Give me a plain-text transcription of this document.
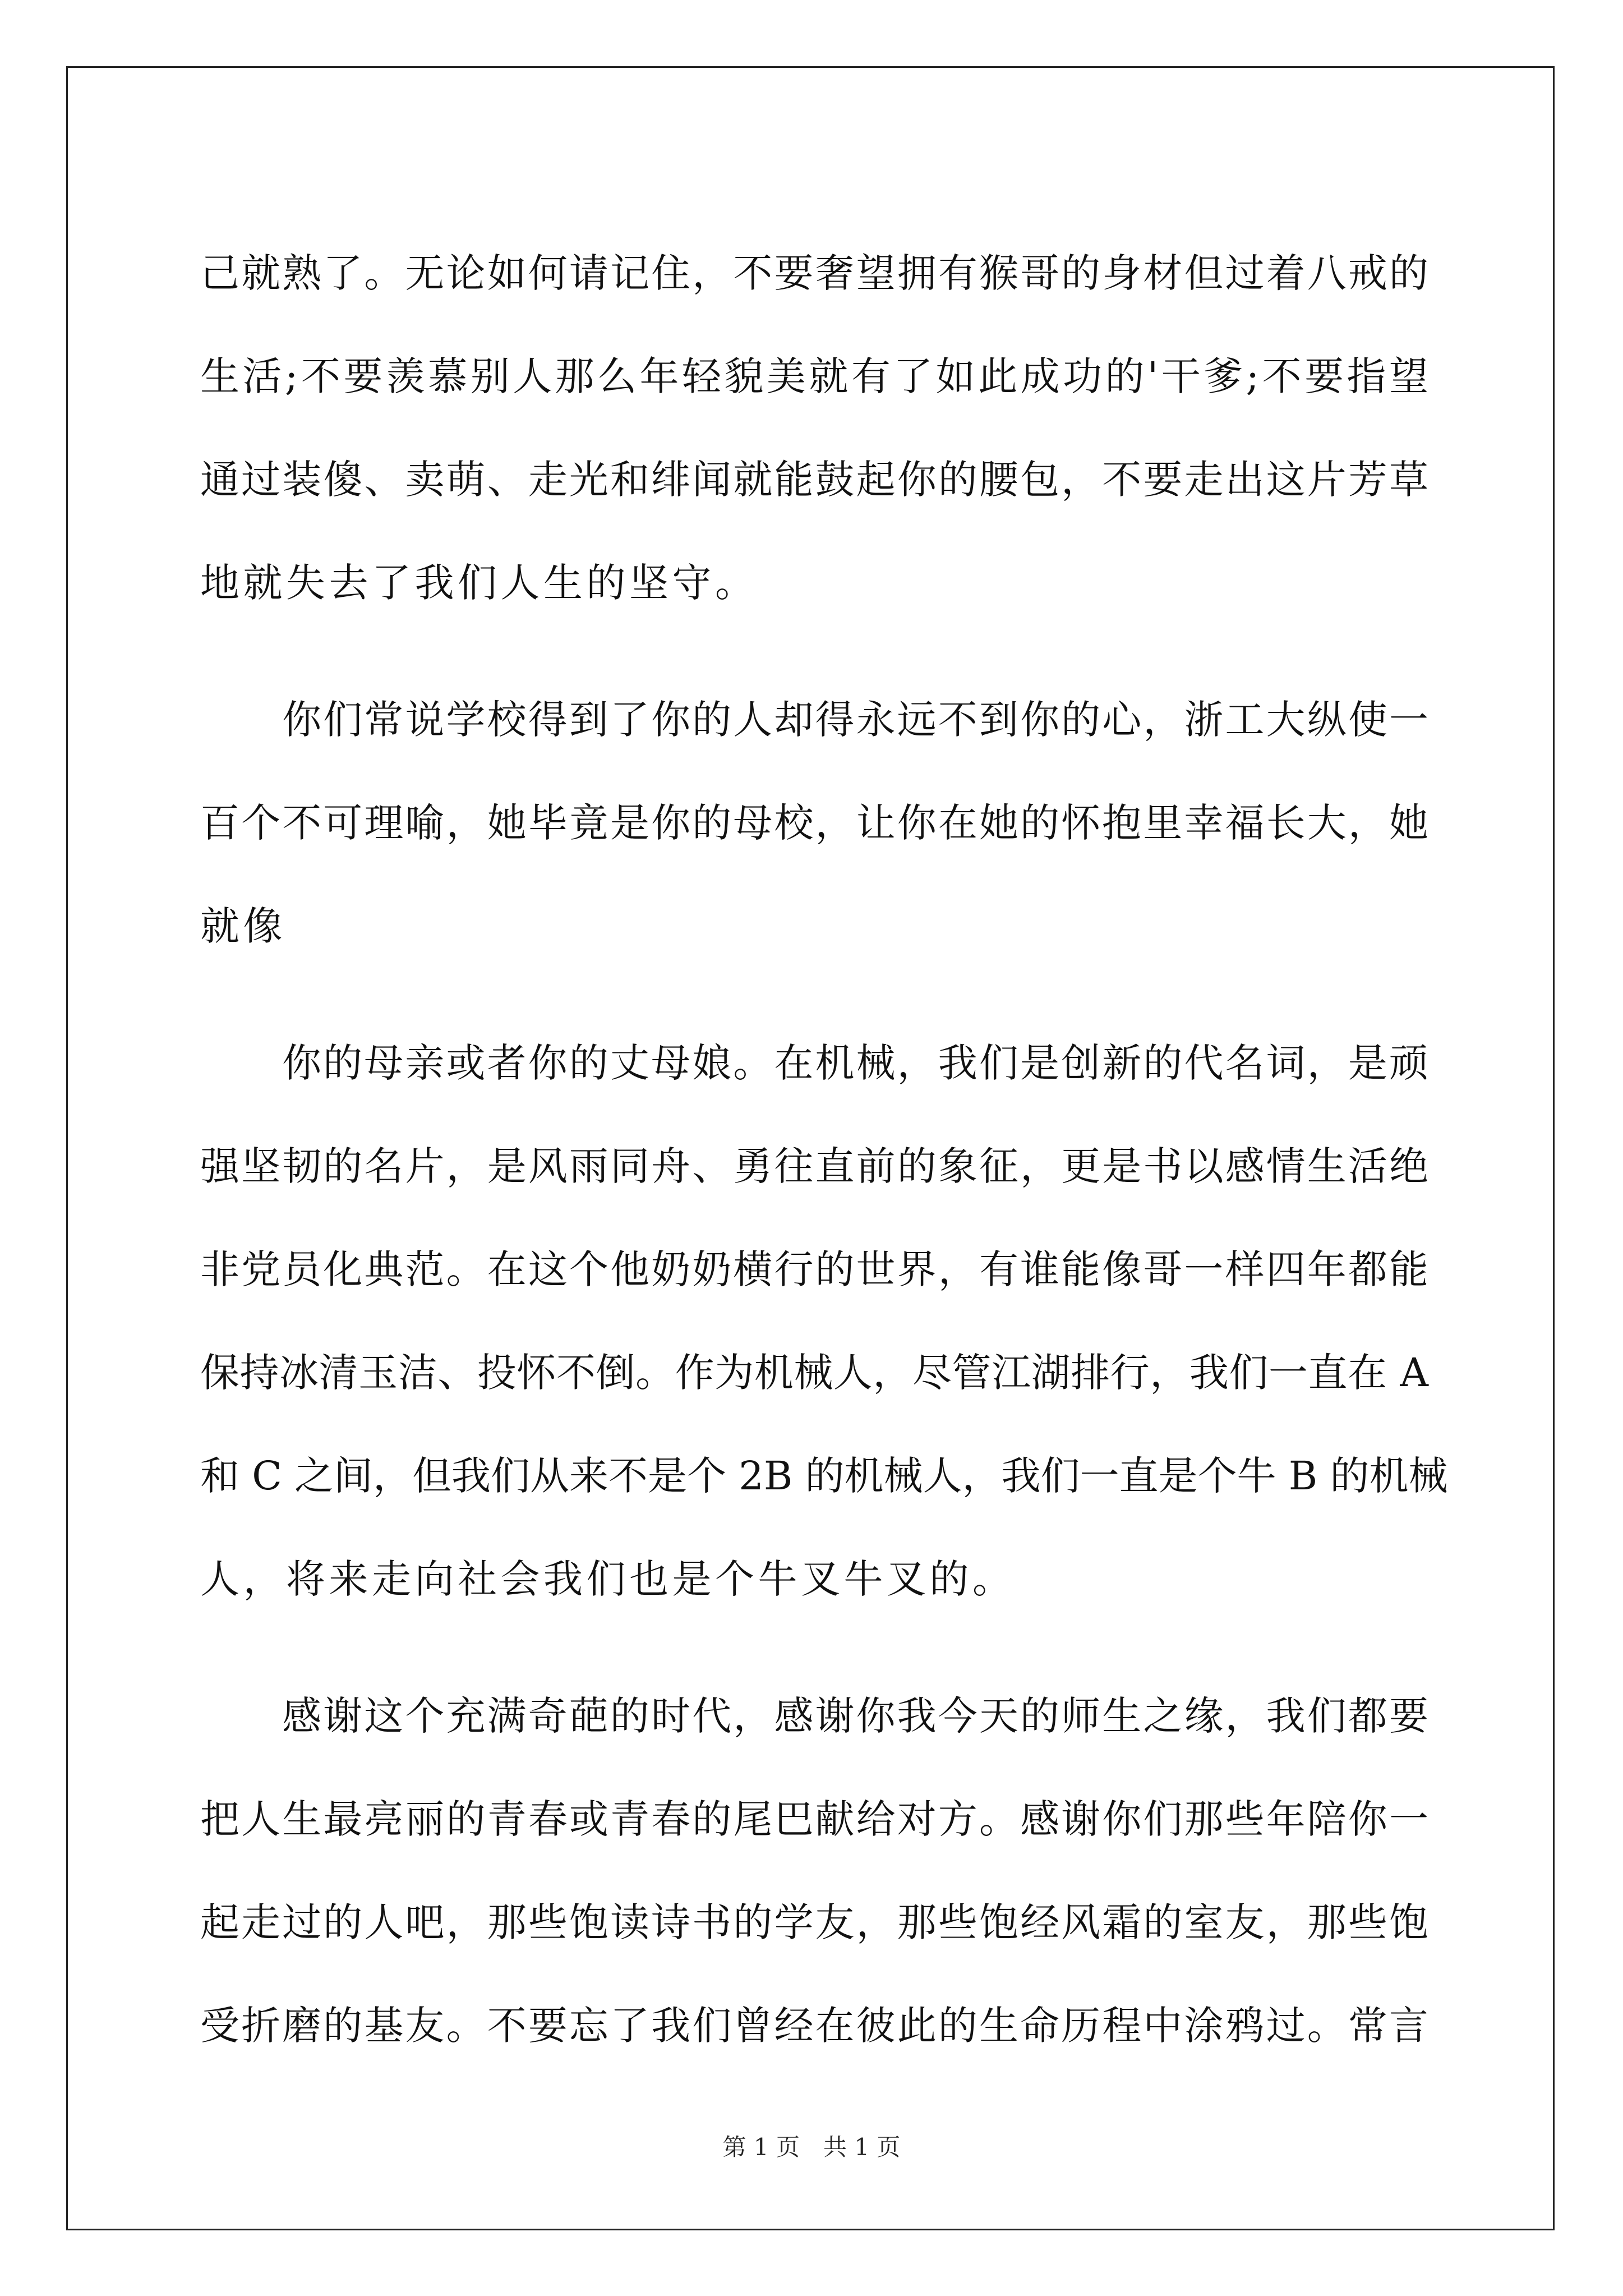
己就熟了。无论如何请记住，不要奢望拥有猴哥的身材但过着八戒的
生活;不要羡慕别人那么年轻貌美就有了如此成功的'干爹;不要指望
通过装傻、卖萌、走光和绯闻就能鼓起你的腰包，不要走出这片芳草
地就失去了我们人生的坚守。
你们常说学校得到了你的人却得永远不到你的心，浙工大纵使一
百个不可理喻，她毕竟是你的母校，让你在她的怀抱里幸福长大，她
就像
你的母亲或者你的丈母娘。在机械，我们是创新的代名词，是顽
强坚韧的名片，是风雨同舟、勇往直前的象征，更是书以感情生活绝
非党员化典范。在这个他奶奶横行的世界，有谁能像哥一样四年都能
保持冰清玉洁、投怀不倒。作为机械人，尽管江湖排行，我们一直在 A
和 C 之间，但我们从来不是个 2B 的机械人，我们一直是个牛 B 的机械
人，将来走向社会我们也是个牛叉牛叉的。
感谢这个充满奇葩的时代，感谢你我今天的师生之缘，我们都要
把人生最亮丽的青春或青春的尾巴献给对方。感谢你们那些年陪你一
起走过的人吧，那些饱读诗书的学友，那些饱经风霜的室友，那些饱
受折磨的基友。不要忘了我们曾经在彼此的生命历程中涂鸦过。常言
第 1 页　共 1 页
